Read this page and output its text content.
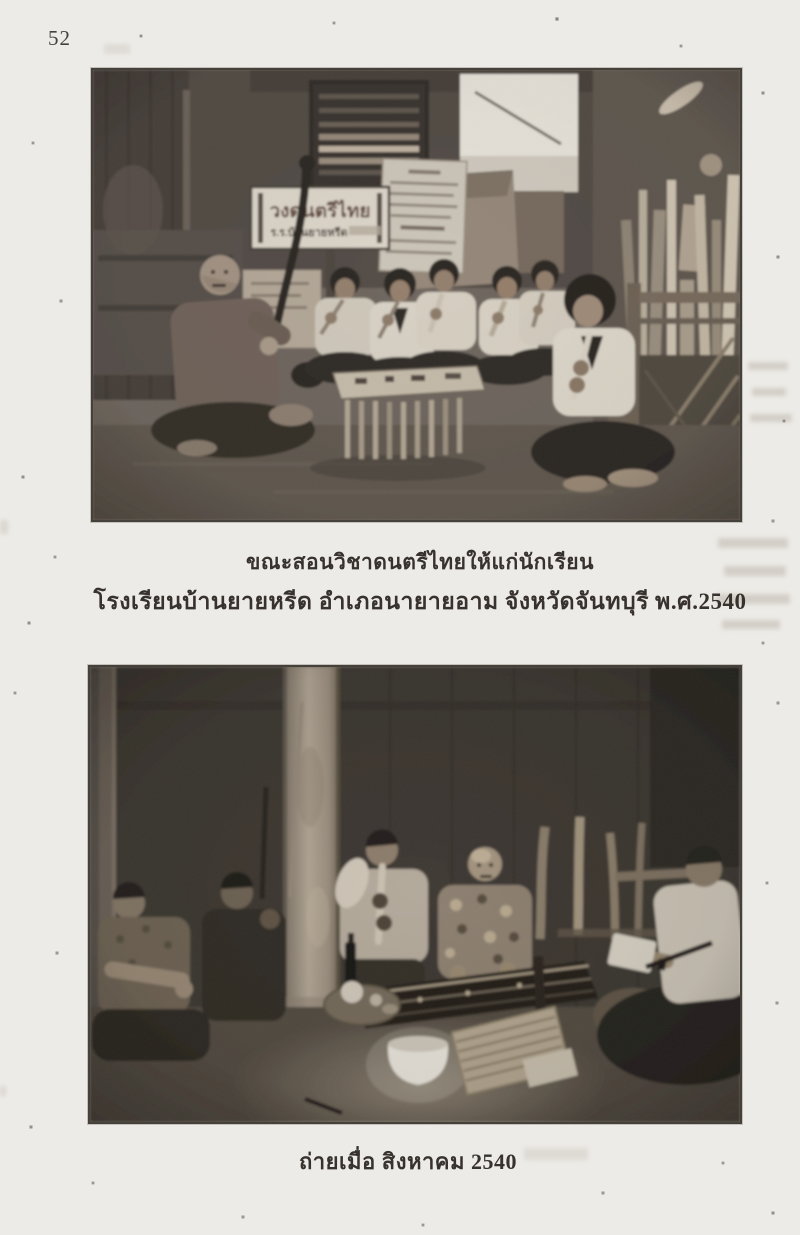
52
ขณะสอนวิชาดนตรีไทยให้แก่นักเรียน
โรงเรียนบ้านยายหรีด อำเภอนายายอาม จังหวัดจันทบุรี พ.ศ.2540
ถ่ายเมื่อ สิงหาคม 2540
